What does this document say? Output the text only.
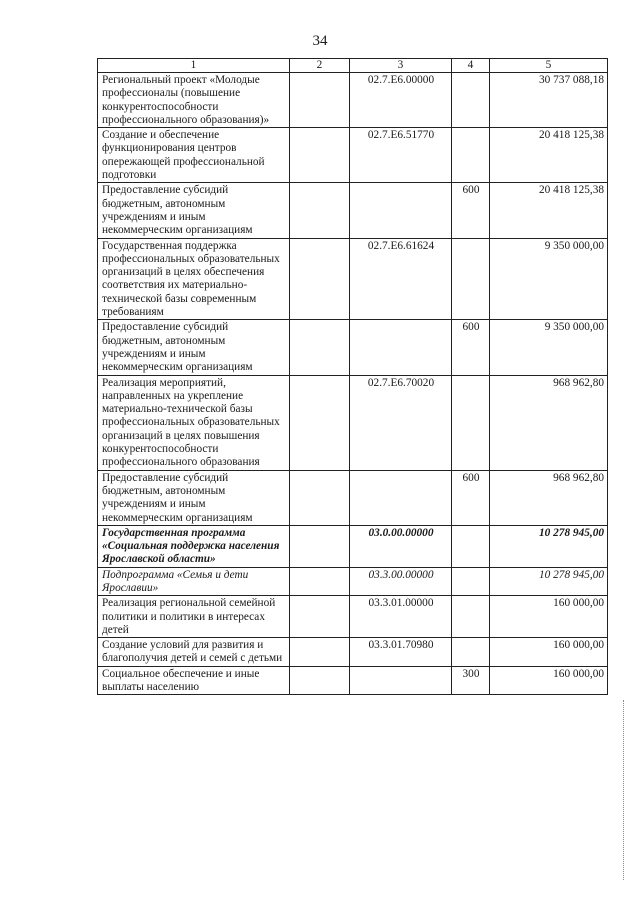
34
1	2	3	4	5
Региональный проект «Молодые профессионалы (повышение конкурентоспособности профессионального образования)»		02.7.E6.00000		30 737 088,18
Создание и обеспечение функционирования центров опережающей профессиональной подготовки		02.7.E6.51770		20 418 125,38
Предоставление субсидий бюджетным, автономным учреждениям и иным некоммерческим организациям			600	20 418 125,38
Государственная поддержка профессиональных образовательных организаций в целях обеспечения соответствия их материально-технической базы современным требованиям		02.7.E6.61624		9 350 000,00
Предоставление субсидий бюджетным, автономным учреждениям и иным некоммерческим организациям			600	9 350 000,00
Реализация мероприятий, направленных на укрепление материально-технической базы профессиональных образовательных организаций в целях повышения конкурентоспособности профессионального образования		02.7.E6.70020		968 962,80
Предоставление субсидий бюджетным, автономным учреждениям и иным некоммерческим организациям			600	968 962,80
Государственная программа «Социальная поддержка населения Ярославской области»		03.0.00.00000		10 278 945,00
Подпрограмма «Семья и дети Ярославии»		03.3.00.00000		10 278 945,00
Реализация региональной семейной политики и политики в интересах детей		03.3.01.00000		160 000,00
Создание условий для развития и благополучия детей и семей с детьми		03.3.01.70980		160 000,00
Социальное обеспечение и иные выплаты населению			300	160 000,00
